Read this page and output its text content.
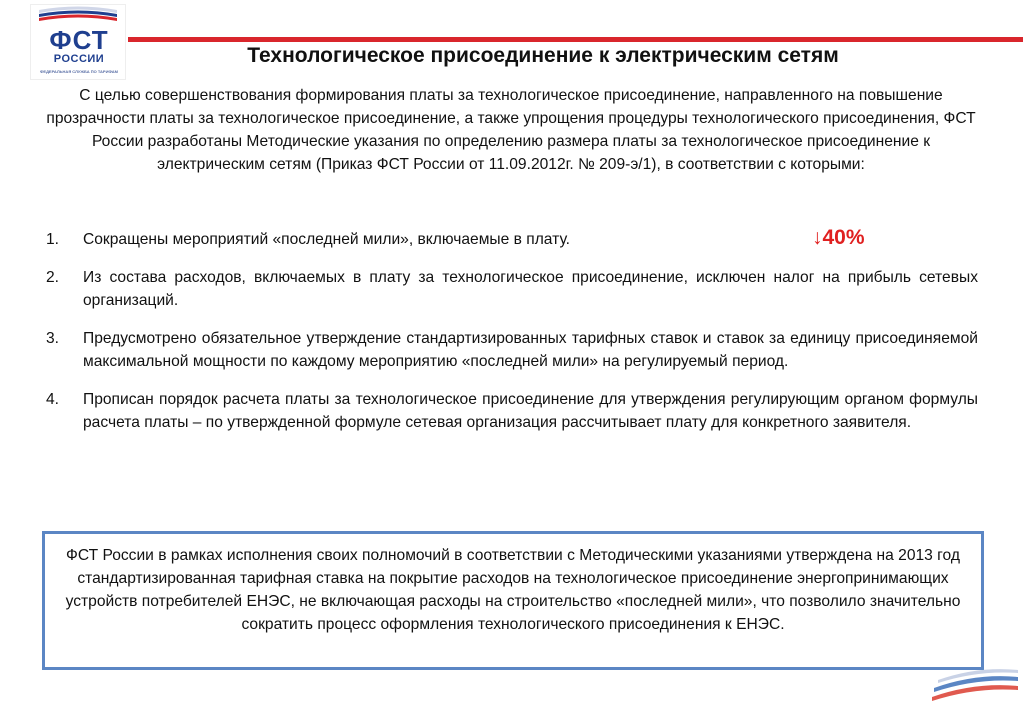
ФСТ
РОССИИ
ФЕДЕРАЛЬНАЯ СЛУЖБА ПО ТАРИФАМ
Технологическое присоединение к электрическим сетям
С целью совершенствования формирования платы за технологическое присоединение, направленного на повышение прозрачности платы за технологическое присоединение, а также упрощения процедуры технологического присоединения, ФСТ России разработаны Методические указания по определению размера платы за технологическое присоединение к электрическим сетям (Приказ ФСТ России от 11.09.2012г. № 209-э/1), в соответствии с которыми:
1. Сокращены мероприятий «последней мили», включаемые в плату.
2. Из состава расходов, включаемых в плату за технологическое присоединение, исключен налог на прибыль сетевых организаций.
3. Предусмотрено обязательное утверждение стандартизированных тарифных ставок и ставок за единицу присоединяемой максимальной мощности по каждому мероприятию «последней мили» на регулируемый период.
4. Прописан порядок расчета платы за технологическое присоединение для утверждения регулирующим органом формулы расчета платы – по утвержденной формуле сетевая организация рассчитывает плату для конкретного заявителя.
↓40%
ФСТ России в рамках исполнения своих полномочий в соответствии с Методическими указаниями утверждена на 2013 год стандартизированная тарифная ставка на покрытие расходов на технологическое присоединение энергопринимающих устройств потребителей ЕНЭС, не включающая расходы на строительство «последней мили», что позволило значительно сократить процесс оформления технологического присоединения к ЕНЭС.
